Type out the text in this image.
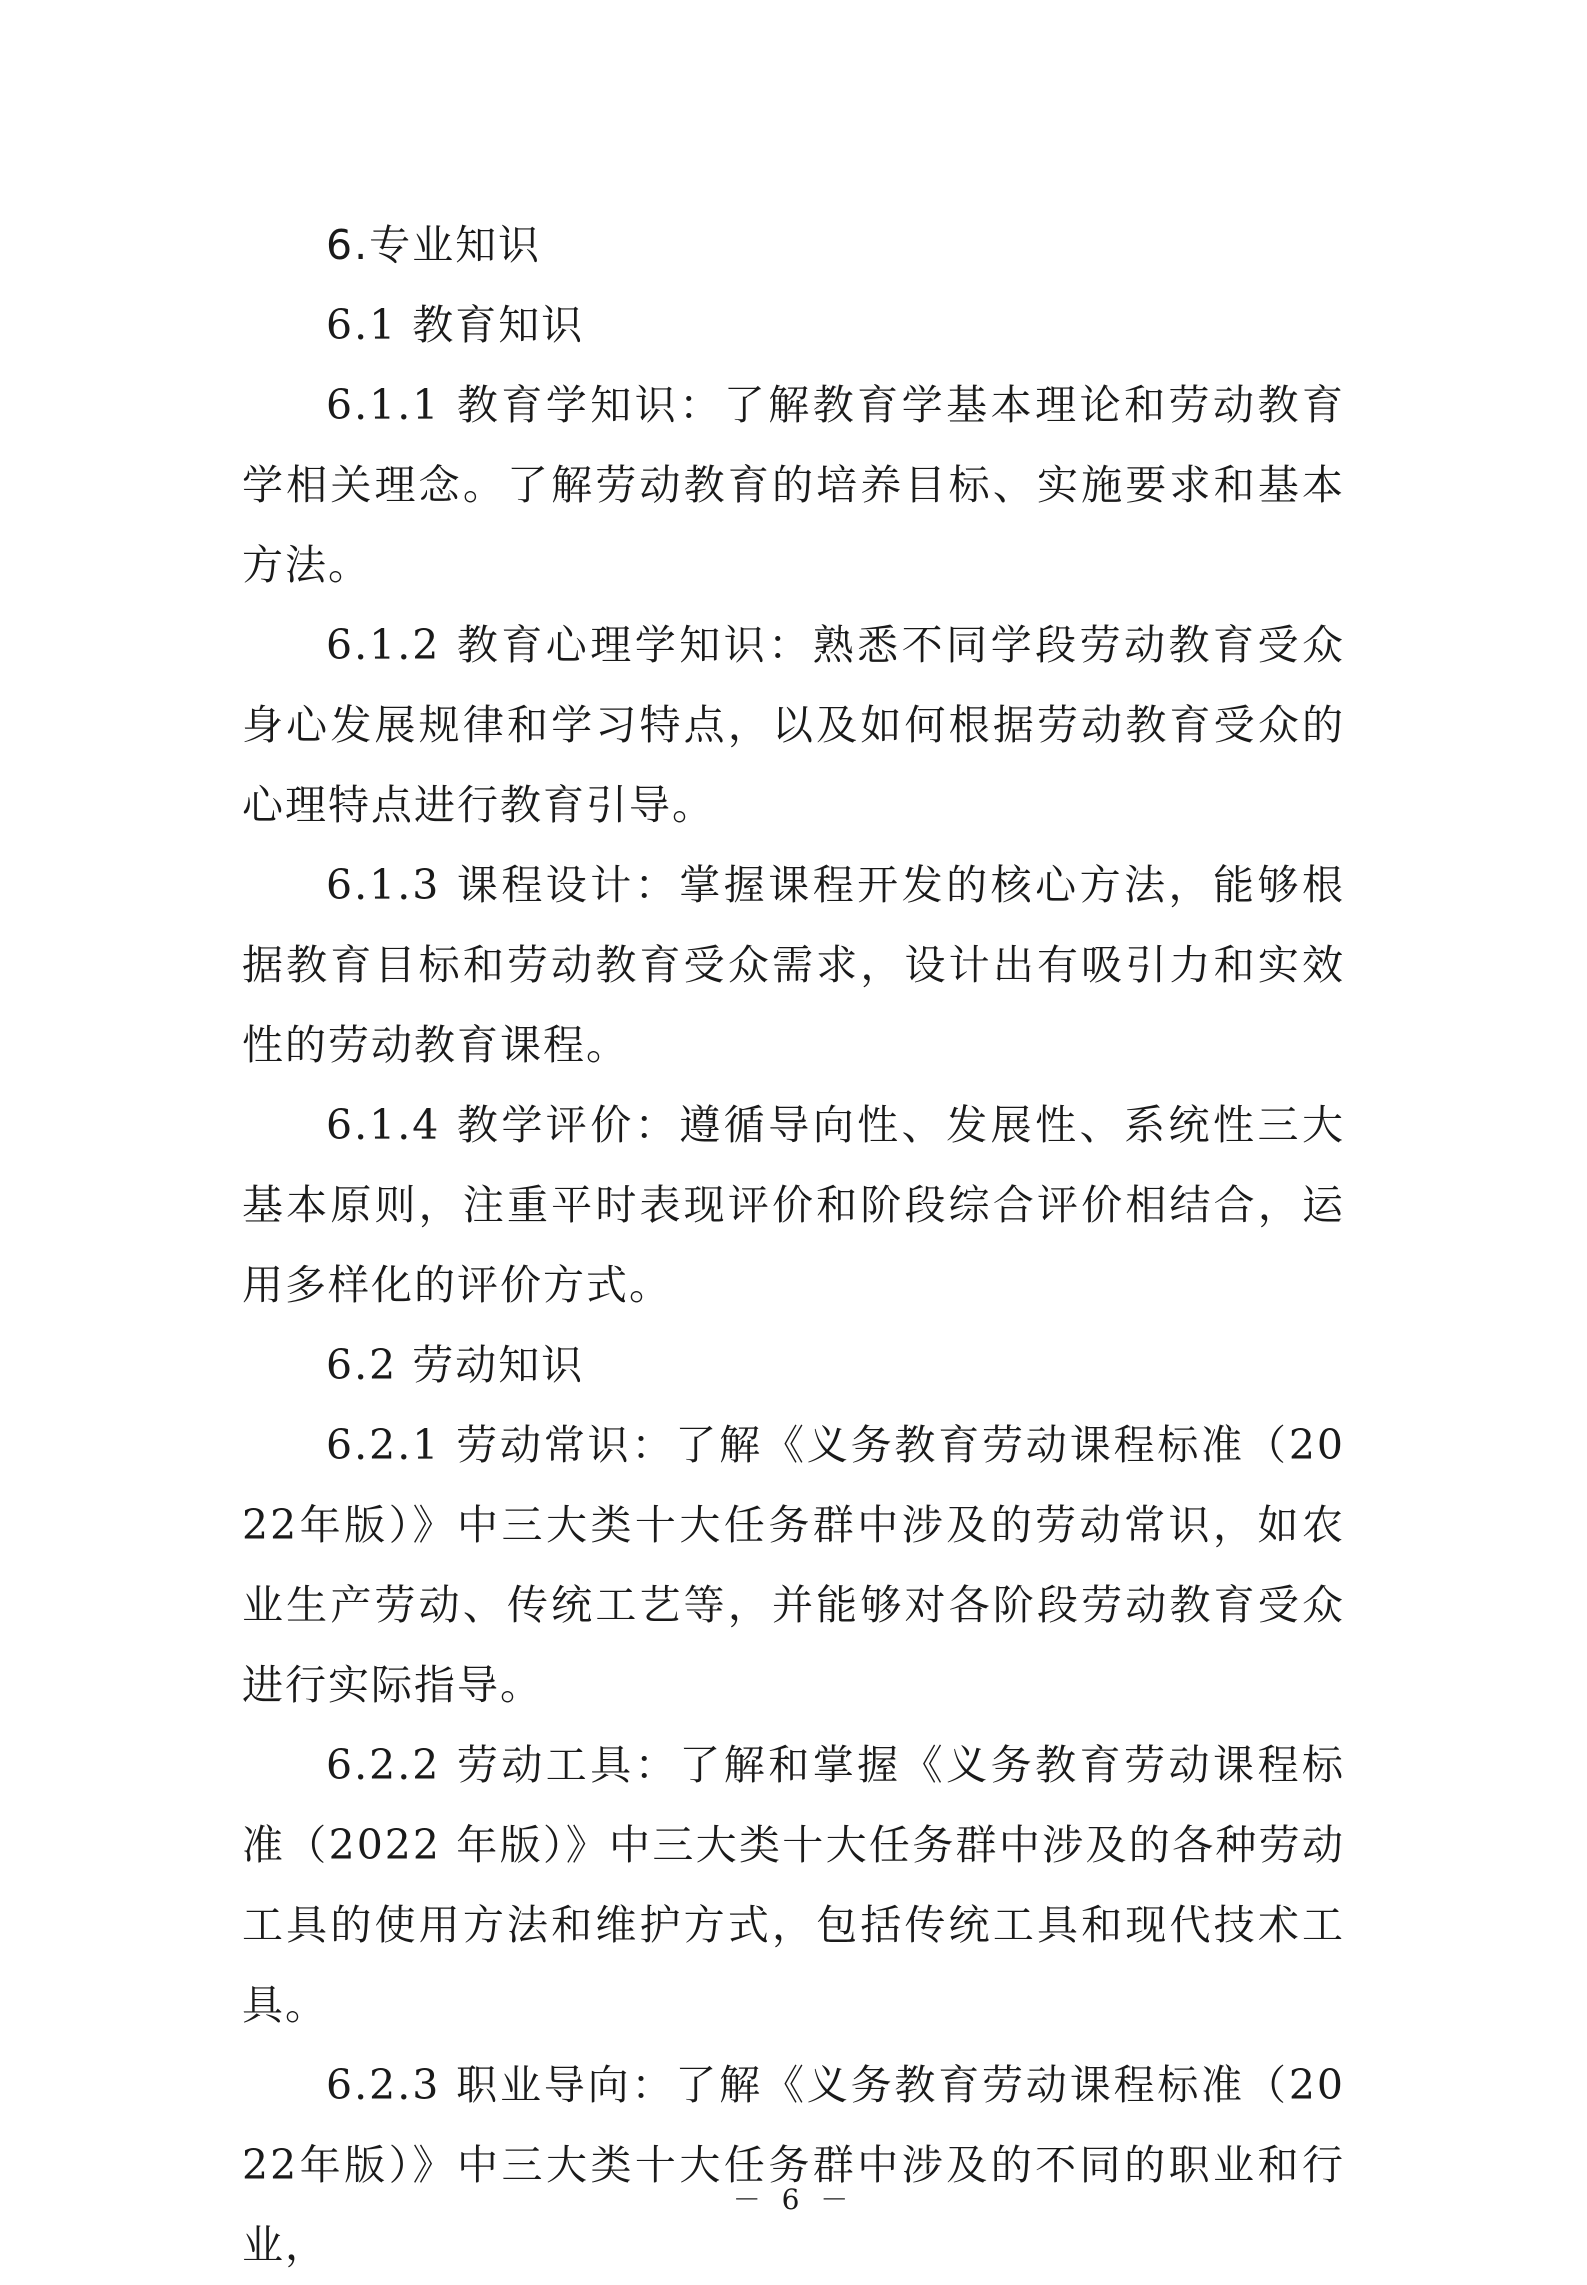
6.专业知识

6.1 教育知识

6.1.1 教育学知识：了解教育学基本理论和劳动教育学相关理念。了解劳动教育的培养目标、实施要求和基本方法。

6.1.2 教育心理学知识：熟悉不同学段劳动教育受众身心发展规律和学习特点，以及如何根据劳动教育受众的心理特点进行教育引导。

6.1.3 课程设计：掌握课程开发的核心方法，能够根据教育目标和劳动教育受众需求，设计出有吸引力和实效性的劳动教育课程。

6.1.4 教学评价：遵循导向性、发展性、系统性三大基本原则，注重平时表现评价和阶段综合评价相结合，运用多样化的评价方式。

6.2 劳动知识

6.2.1 劳动常识：了解《义务教育劳动课程标准（2022年版）》中三大类十大任务群中涉及的劳动常识，如农业生产劳动、传统工艺等，并能够对各阶段劳动教育受众进行实际指导。

6.2.2 劳动工具：了解和掌握《义务教育劳动课程标准（2022 年版）》中三大类十大任务群中涉及的各种劳动工具的使用方法和维护方式，包括传统工具和现代技术工具。

6.2.3 职业导向：了解《义务教育劳动课程标准（2022年版）》中三大类十大任务群中涉及的不同的职业和行业，

－ 6 －
